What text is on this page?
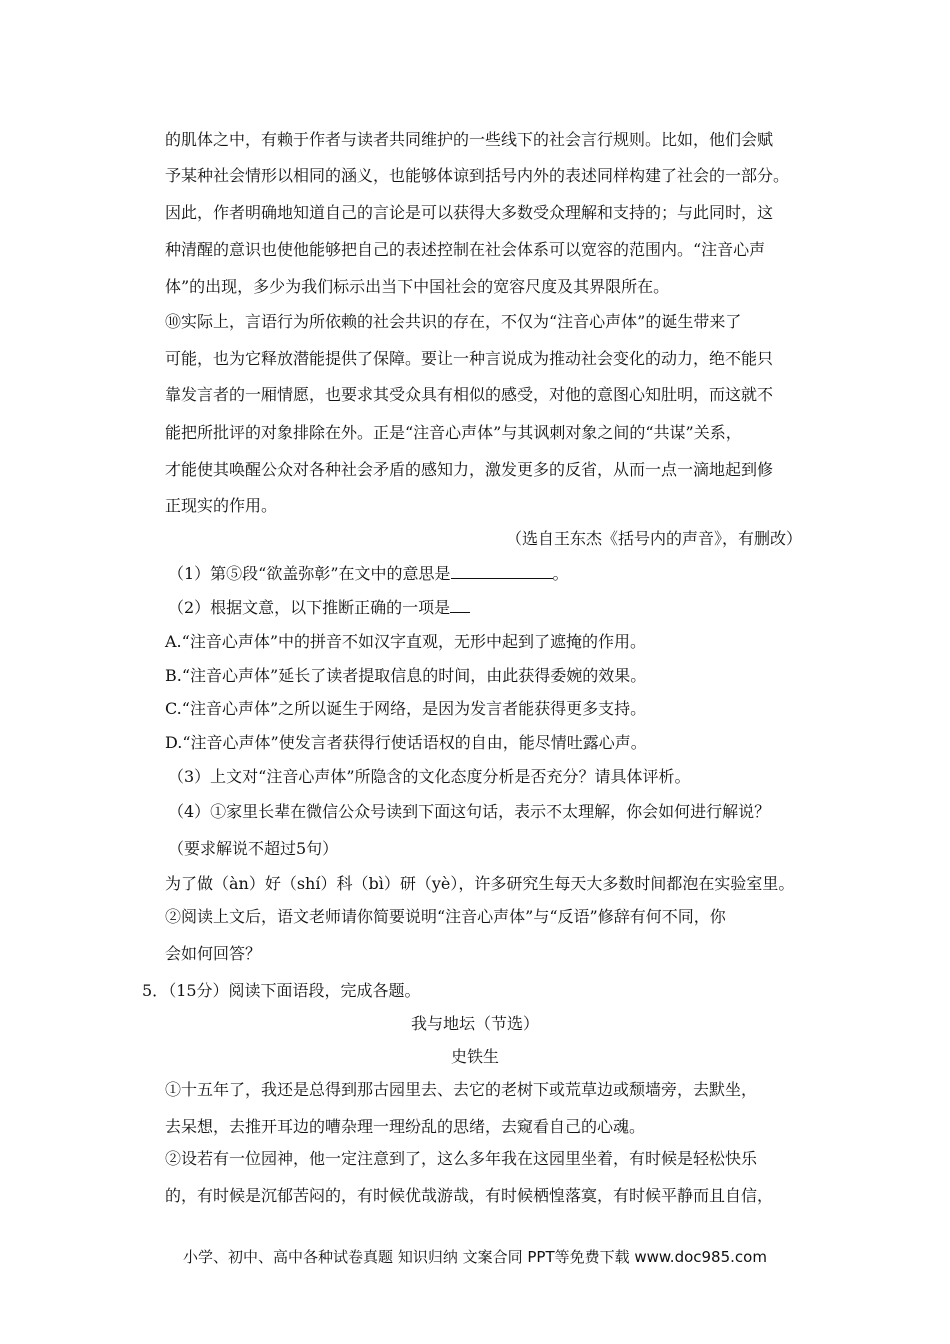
的肌体之中，有赖于作者与读者共同维护的一些线下的社会言行规则。比如，他们会赋
予某种社会情形以相同的涵义，也能够体谅到括号内外的表述同样构建了社会的一部分。
因此，作者明确地知道自己的言论是可以获得大多数受众理解和支持的；与此同时，这
种清醒的意识也使他能够把自己的表述控制在社会体系可以宽容的范围内。“注音心声
体”的出现，多少为我们标示出当下中国社会的宽容尺度及其界限所在。
⑩实际上，言语行为所依赖的社会共识的存在，不仅为“注音心声体”的诞生带来了
可能，也为它释放潜能提供了保障。要让一种言说成为推动社会变化的动力，绝不能只
靠发言者的一厢情愿，也要求其受众具有相似的感受，对他的意图心知肚明，而这就不
能把所批评的对象排除在外。正是“注音心声体”与其讽刺对象之间的“共谋”关系，
才能使其唤醒公众对各种社会矛盾的感知力，激发更多的反省，从而一点一滴地起到修
正现实的作用。
（选自王东杰《括号内的声音》，有删改）
（1）第⑤段“欲盖弥彰”在文中的意思是	。
（2）根据文意，以下推断正确的一项是
A.“注音心声体”中的拼音不如汉字直观，无形中起到了遮掩的作用。
B.“注音心声体”延长了读者提取信息的时间，由此获得委婉的效果。
C.“注音心声体”之所以诞生于网络，是因为发言者能获得更多支持。
D.“注音心声体”使发言者获得行使话语权的自由，能尽情吐露心声。
（3）上文对“注音心声体”所隐含的文化态度分析是否充分？请具体评析。
（4）①家里长辈在微信公众号读到下面这句话，表示不太理解，你会如何进行解说？
（要求解说不超过5句）
为了做（àn）好（shí）科（bì）研（yè），许多研究生每天大多数时间都泡在实验室里。
②阅读上文后，语文老师请你简要说明“注音心声体”与“反语”修辞有何不同，你
会如何回答？
5．（15分）阅读下面语段，完成各题。
我与地坛（节选）
史铁生
①十五年了，我还是总得到那古园里去、去它的老树下或荒草边或颓墙旁，去默坐，
去呆想，去推开耳边的嘈杂理一理纷乱的思绪，去窥看自己的心魂。
②设若有一位园神，他一定注意到了，这么多年我在这园里坐着，有时候是轻松快乐
的，有时候是沉郁苦闷的，有时候优哉游哉，有时候栖惶落寞，有时候平静而且自信，
小学、初中、高中各种试卷真题 知识归纳 文案合同 PPT等免费下载 www.doc985.com
